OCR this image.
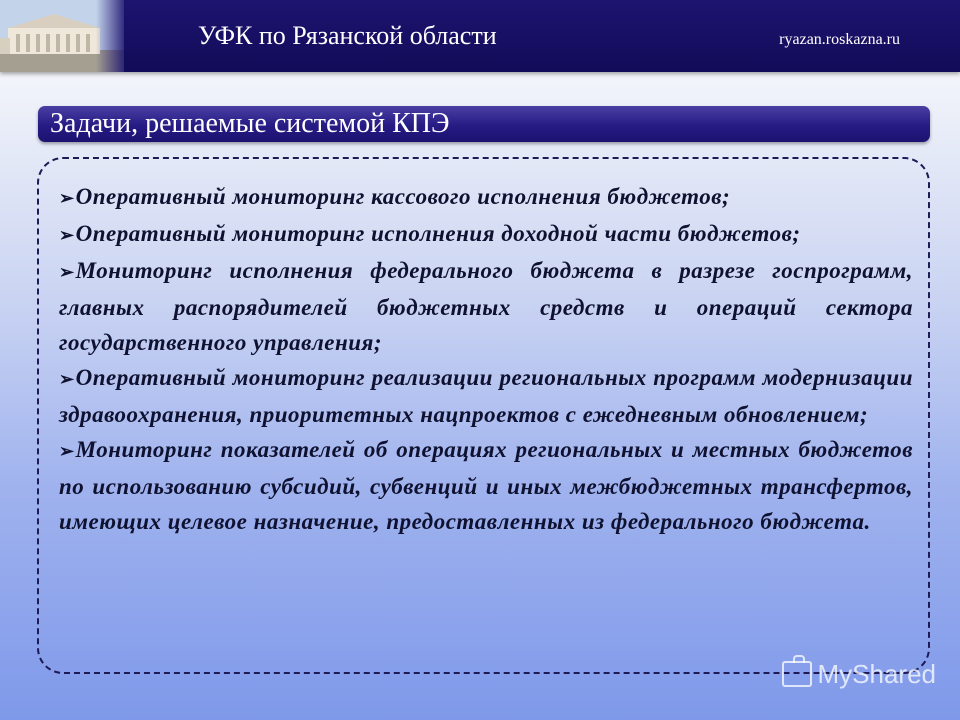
УФК по Рязанской области	ryazan.roskazna.ru
Задачи, решаемые системой КПЭ
➢Оперативный мониторинг кассового исполнения бюджетов;
➢Оперативный мониторинг исполнения доходной части бюджетов;
➢Мониторинг исполнения федерального бюджета в разрезе госпрограмм, главных распорядителей бюджетных средств и операций сектора государственного управления;
➢Оперативный мониторинг реализации региональных программ модернизации здравоохранения, приоритетных нацпроектов с ежедневным обновлением;
➢Мониторинг показателей об операциях региональных и местных бюджетов по использованию субсидий, субвенций и иных межбюджетных трансфертов, имеющих целевое назначение, предоставленных из федерального бюджета.
MyShared
